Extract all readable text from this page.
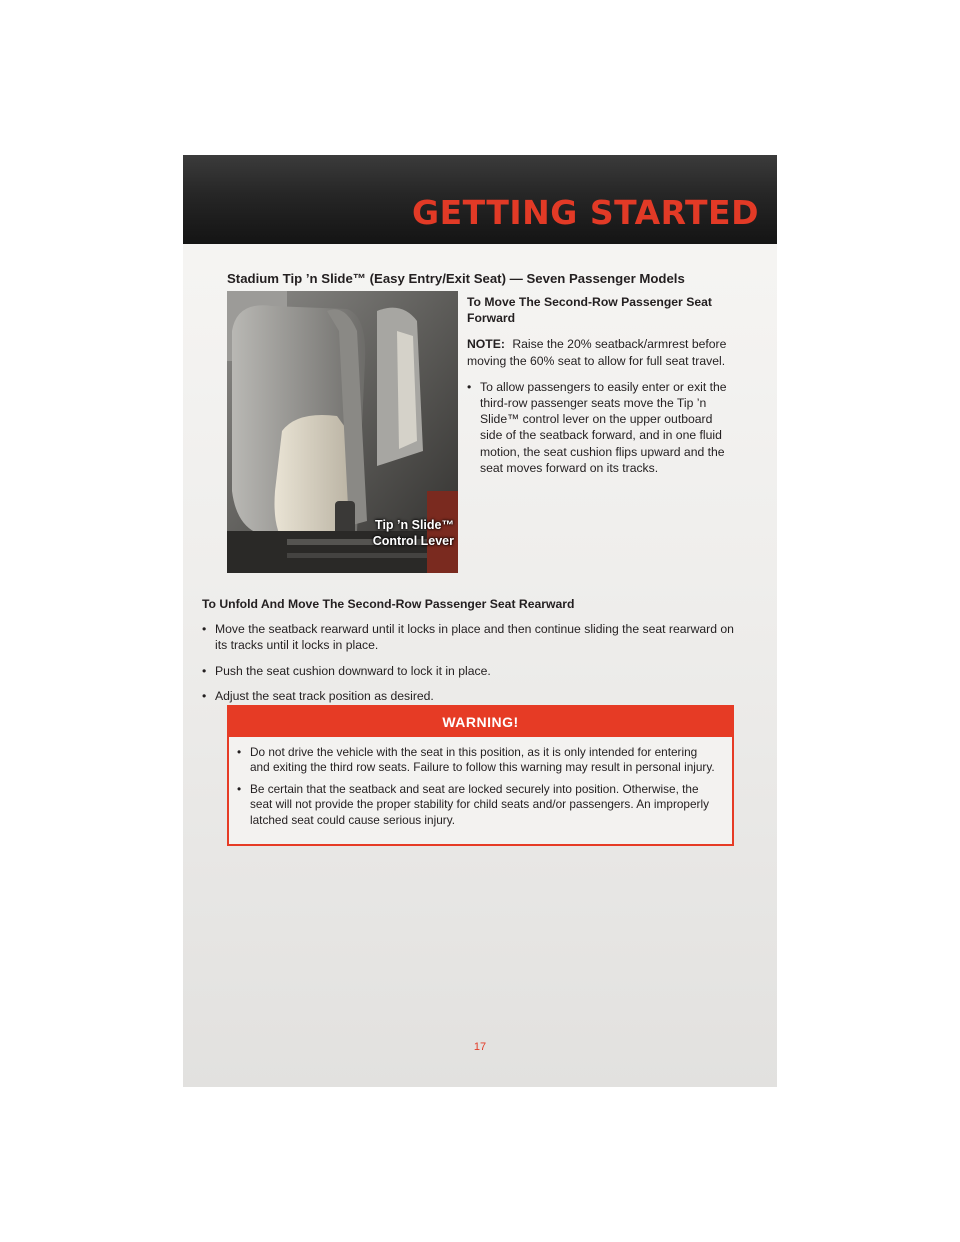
GETTING STARTED
Stadium Tip ’n Slide™ (Easy Entry/Exit Seat) — Seven Passenger Models
Tip ’n Slide™
Control Lever
To Move The Second-Row Passenger Seat Forward
NOTE: Raise the 20% seatback/armrest before moving the 60% seat to allow for full seat travel.
• To allow passengers to easily enter or exit the third-row passenger seats move the Tip ’n Slide™ control lever on the upper outboard side of the seatback forward, and in one fluid motion, the seat cushion flips upward and the seat moves forward on its tracks.
To Unfold And Move The Second-Row Passenger Seat Rearward
• Move the seatback rearward until it locks in place and then continue sliding the seat rearward on its tracks until it locks in place.
• Push the seat cushion downward to lock it in place.
• Adjust the seat track position as desired.
WARNING!
• Do not drive the vehicle with the seat in this position, as it is only intended for entering and exiting the third row seats. Failure to follow this warning may result in personal injury.
• Be certain that the seatback and seat are locked securely into position. Otherwise, the seat will not provide the proper stability for child seats and/or passengers. An improperly latched seat could cause serious injury.
17
